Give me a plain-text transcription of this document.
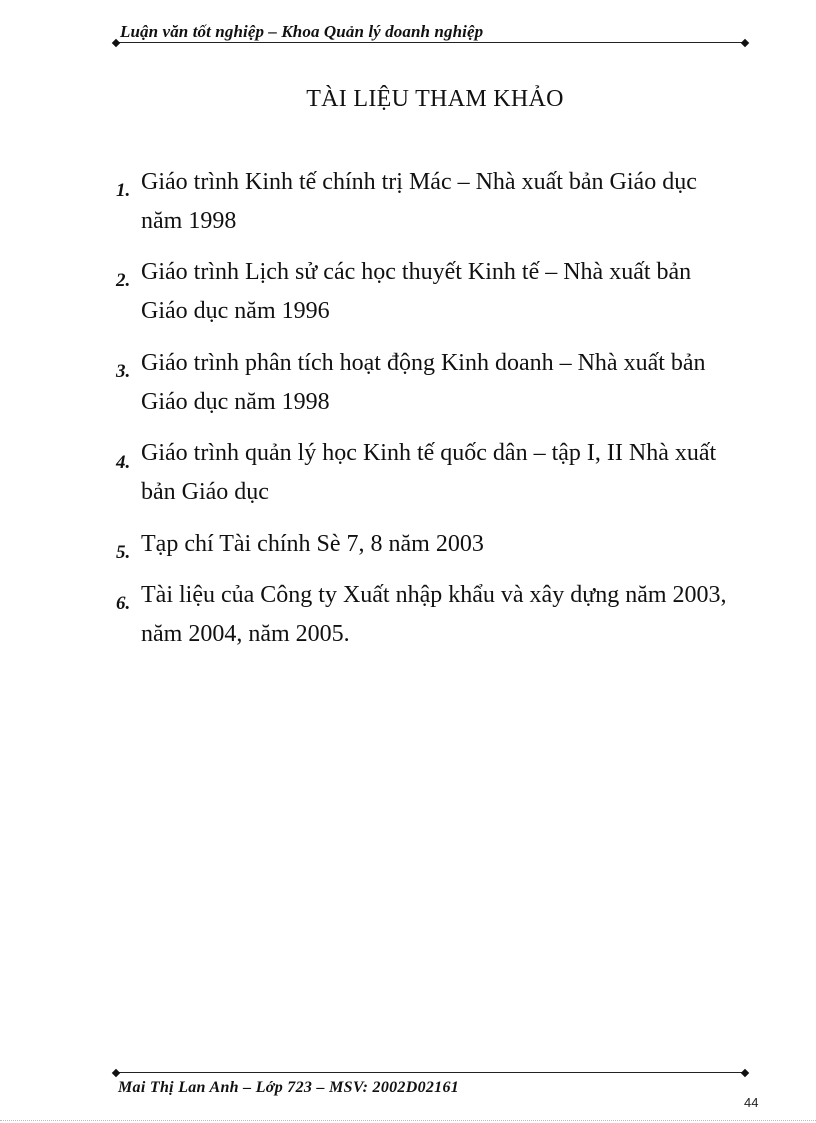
Luận văn tốt nghiệp – Khoa Quản lý doanh nghiệp
TÀI LIỆU THAM KHẢO
1. Giáo trình Kinh tế chính trị Mác – Nhà xuất bản Giáo dục
năm 1998
2. Giáo trình Lịch sử các học thuyết Kinh tế – Nhà xuất bản
Giáo dục năm 1996
3. Giáo trình phân tích hoạt động Kinh doanh – Nhà xuất bản
Giáo dục năm 1998
4. Giáo trình quản lý học Kinh tế quốc dân – tập I, II Nhà xuất
bản Giáo dục
5. Tạp chí Tài chính Sè 7, 8 năm 2003
6. Tài liệu của Công ty Xuất nhập khẩu và xây dựng năm 2003,
năm 2004, năm 2005.
Mai Thị Lan Anh – Lớp 723 – MSV: 2002D02161
44
